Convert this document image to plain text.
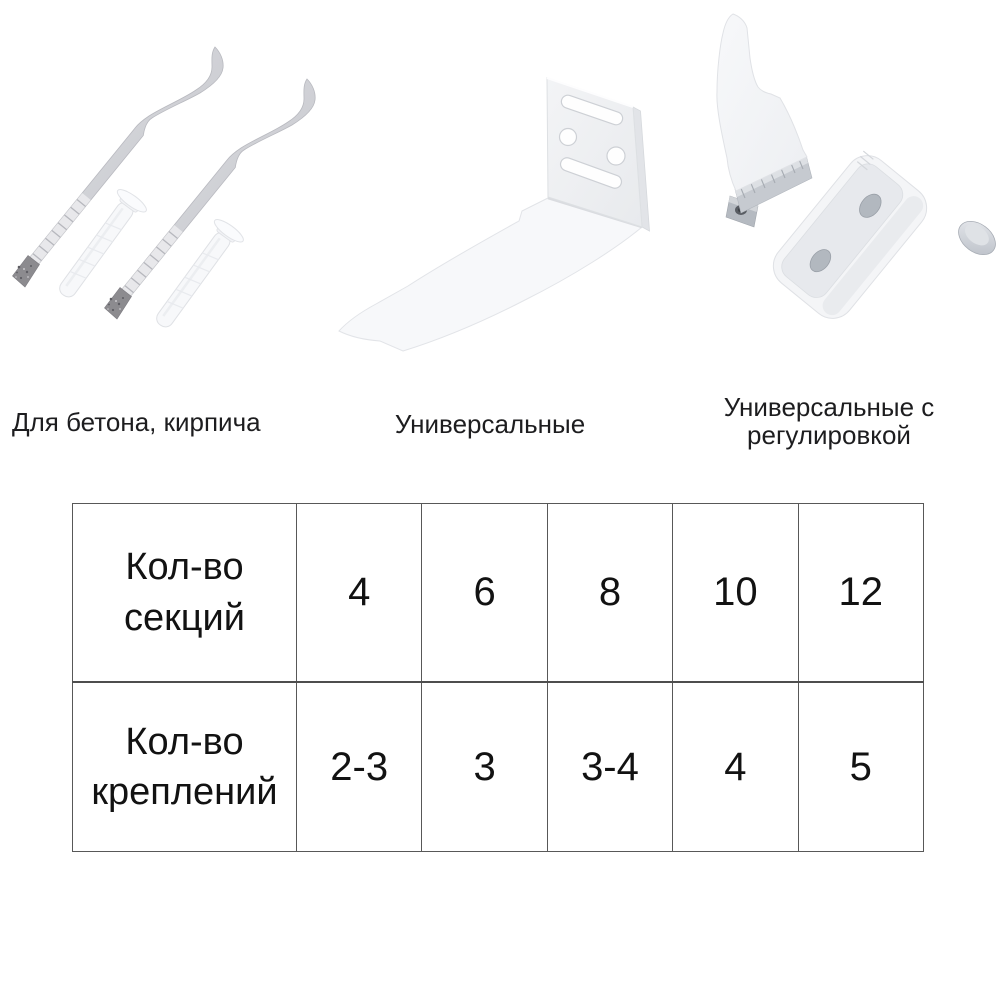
Для бетона, кирпича	Универсальные
Универсальные с регулировкой
Кол-во секций	4	6	8	10	12
Кол-во креплений	2-3	3	3-4	4	5
